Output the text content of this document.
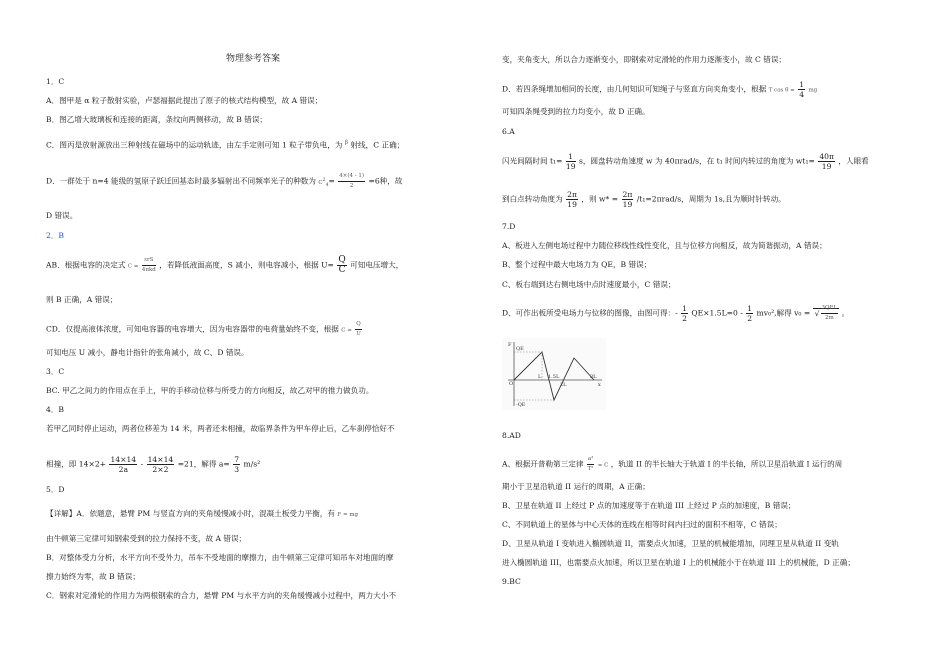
物理参考答案
1．C
A．图甲是 α 粒子散射实验，卢瑟福据此提出了原子的核式结构模型，故 A 错误；
B．图乙增大玻璃板和连接的距离，条纹向两侧移动，故 B 错误；
C．图丙是放射源放出三种射线在磁场中的运动轨迹，由左手定则可知 1 粒子带负电，为 $^\beta$ 射线，C 正确；
D．一群处于 n=4 能级的氢原子跃迁回基态时最多辐射出不同频率光子的种数为 $C^2_4= \frac{4\times(4 - 1)}{2} =6$种，故
D 错误。
2．B
AB．根据电容的决定式 $C = \frac{\text{εrS}}{\text{4πkd}}$ ，若降低液面高度，S 减小，则电容减小，根据 $U= \frac{Q}{C}$ 可知电压增大，
则 B 正确，A 错误；
CD．仅提高液体浓度，可知电容器的电容增大，因为电容器带的电荷量始终不变，根据 $C = \frac{Q}{U}$
可知电压 U 减小，静电计指针的张角减小，故 C、D 错误。
3．C
BC. 甲乙之间力的作用点在手上，甲的手移动位移与所受力的方向相反，故乙对甲的推力做负功。
4．B
若甲乙同时停止运动，两者位移差为 14 米，两者还未相撞，故临界条件为甲车停止后，乙车刹停恰好不
相撞，即 $14\times 2+ \frac{14\times 14}{2a} - \frac{14\times 14}{2\times 2} =21$，解得 $a= \frac{7}{3} m/s^2$
5．D
【详解】A．依题意，悬臂 PM 与竖直方向的夹角缓慢减小时，混凝土板受力平衡，有 F = mg
由牛顿第三定律可知钢索受到的拉力保持不变，故 A 错误；
B．对整体受力分析，水平方向不受外力，吊车不受地面的摩擦力，由牛顿第三定律可知吊车对地面的摩
擦力始终为零，故 B 错误；
C．钢索对定滑轮的作用力为两根钢索的合力，悬臂 PM 与水平方向的夹角缓慢减小过程中，两力大小不
变，夹角变大，所以合力逐渐变小，即钢索对定滑轮的作用力逐渐变小，故 C 错误；
D．若四条绳增加相同的长度，由几何知识可知绳子与竖直方向夹角变小，根据 T $\cos \theta = \frac{1}{4}$ mg
可知四条绳受到的拉力均变小，故 D 正确。
6.A
闪光间隔时间 $t_1= \frac{1}{19}$ s，圆盘转动角速度 w 为 40πrad/s，在 t₁ 时间内转过的角度为 $wt_1= \frac{40\pi}{19}$ ，人眼看
到白点转动角度为 $\frac{2\pi}{19}$ ，则 $w* = \frac{2\pi}{19} /t_1=2\pi rad/s$，周期为 1s,且为顺时针转动。
7.D
A、板进入左侧电场过程中力随位移线性线性变化，且与位移方向相反，故为简谐振动，A 错误；
B、整个过程中最大电场力为 QE，B 错误；
C、板右端到达右侧电场中点时速度最小，C 错误；
D、可作出板所受电场力与位移的图像，由图可得：- $\frac{1}{2} QE\times 1.5L=0 - \frac{1}{2} mv_0^2$,解得 v₀ = √ $\frac{\text{3QEL}}{2m}$ 。
F
QE
O
L 1.5L
2L
3L
x
-QE
8.AD
A、根据开普勒第三定律 $\frac{\text{a³}}{\text{T²}} = C$ ，轨道 II 的半长轴大于轨道 I 的半长轴，所以卫星沿轨道 I 运行的周
期小于卫星沿轨道 II 运行的周期，A 正确；
B、卫星在轨道 II 上经过 P 点的加速度等于在轨道 III 上经过 P 点的加速度，B 错误；
C、不同轨道上的星体与中心天体的连线在相等时间内扫过的面积不相等，C 错误；
D、卫星从轨道 I 变轨进入椭圆轨道 II，需要点火加速，卫星的机械能增加，同理卫星从轨道 II 变轨
进入椭圆轨道 III，也需要点火加速，所以卫星在轨道 I 上的机械能小于在轨道 III 上的机械能，D 正确；
9.BC
